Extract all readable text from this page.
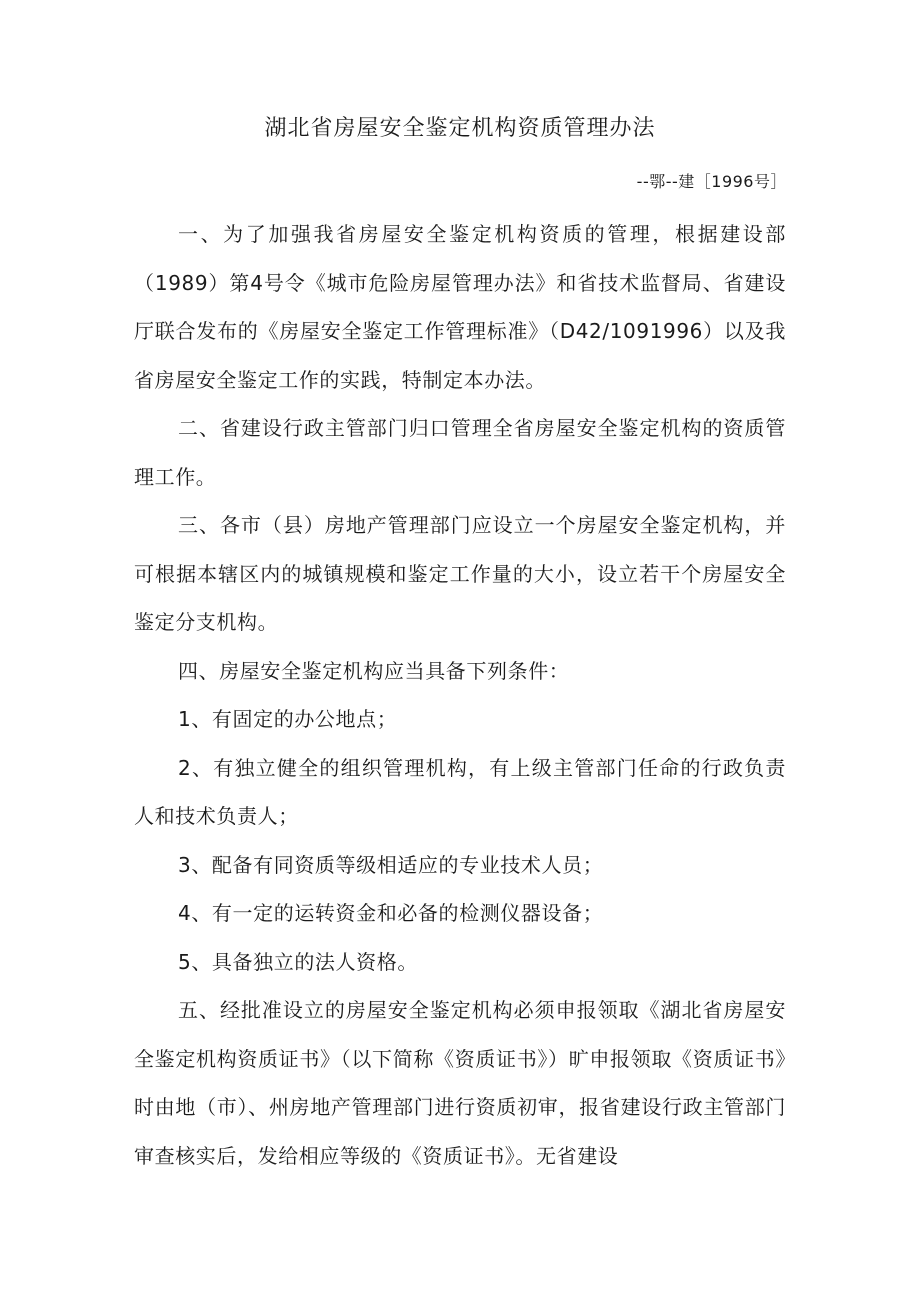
湖北省房屋安全鉴定机构资质管理办法

--鄂--建［1996号］

一、为了加强我省房屋安全鉴定机构资质的管理，根据建设部（1989）第4号令《城市危险房屋管理办法》和省技术监督局、省建设厅联合发布的《房屋安全鉴定工作管理标准》（D42/1091996）以及我省房屋安全鉴定工作的实践，特制定本办法。

二、省建设行政主管部门归口管理全省房屋安全鉴定机构的资质管理工作。

三、各市（县）房地产管理部门应设立一个房屋安全鉴定机构，并可根据本辖区内的城镇规模和鉴定工作量的大小，设立若干个房屋安全鉴定分支机构。

四、房屋安全鉴定机构应当具备下列条件：

1、有固定的办公地点；

2、有独立健全的组织管理机构，有上级主管部门任命的行政负责人和技术负责人；

3、配备有同资质等级相适应的专业技术人员；

4、有一定的运转资金和必备的检测仪器设备；

5、具备独立的法人资格。

五、经批准设立的房屋安全鉴定机构必须申报领取《湖北省房屋安全鉴定机构资质证书》（以下简称《资质证书》）旷申报领取《资质证书》时由地（市）、州房地产管理部门进行资质初审，报省建设行政主管部门审查核实后，发给相应等级的《资质证书》。无省建设
